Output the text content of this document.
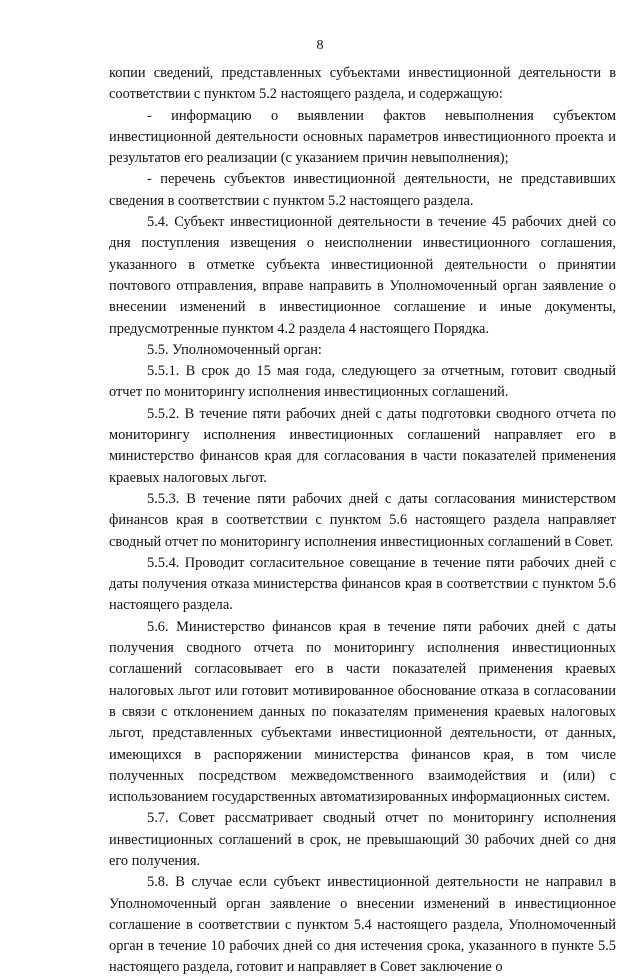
8

копии сведений, представленных субъектами инвестиционной деятельности в соответствии с пунктом 5.2 настоящего раздела, и содержащую:

- информацию о выявлении фактов невыполнения субъектом инвестиционной деятельности основных параметров инвестиционного проекта и результатов его реализации (с указанием причин невыполнения);

- перечень субъектов инвестиционной деятельности, не представивших сведения в соответствии с пунктом 5.2 настоящего раздела.

5.4. Субъект инвестиционной деятельности в течение 45 рабочих дней со дня поступления извещения о неисполнении инвестиционного соглашения, указанного в отметке субъекта инвестиционной деятельности о принятии почтового отправления, вправе направить в Уполномоченный орган заявление о внесении изменений в инвестиционное соглашение и иные документы, предусмотренные пунктом 4.2 раздела 4 настоящего Порядка.

5.5. Уполномоченный орган:

5.5.1. В срок до 15 мая года, следующего за отчетным, готовит сводный отчет по мониторингу исполнения инвестиционных соглашений.

5.5.2. В течение пяти рабочих дней с даты подготовки сводного отчета по мониторингу исполнения инвестиционных соглашений направляет его в министерство финансов края для согласования в части показателей применения краевых налоговых льгот.

5.5.3. В течение пяти рабочих дней с даты согласования министерством финансов края в соответствии с пунктом 5.6 настоящего раздела направляет сводный отчет по мониторингу исполнения инвестиционных соглашений в Совет.

5.5.4. Проводит согласительное совещание в течение пяти рабочих дней с даты получения отказа министерства финансов края в соответствии с пунктом 5.6 настоящего раздела.

5.6. Министерство финансов края в течение пяти рабочих дней с даты получения сводного отчета по мониторингу исполнения инвестиционных соглашений согласовывает его в части показателей применения краевых налоговых льгот или готовит мотивированное обоснование отказа в согласовании в связи с отклонением данных по показателям применения краевых налоговых льгот, представленных субъектами инвестиционной деятельности, от данных, имеющихся в распоряжении министерства финансов края, в том числе полученных посредством межведомственного взаимодействия и (или) с использованием государственных автоматизированных информационных систем.

5.7. Совет рассматривает сводный отчет по мониторингу исполнения инвестиционных соглашений в срок, не превышающий 30 рабочих дней со дня его получения.

5.8. В случае если субъект инвестиционной деятельности не направил в Уполномоченный орган заявление о внесении изменений в инвестиционное соглашение в соответствии с пунктом 5.4 настоящего раздела, Уполномоченный орган в течение 10 рабочих дней со дня истечения срока, указанного в пункте 5.5 настоящего раздела, готовит и направляет в Совет заключение о
